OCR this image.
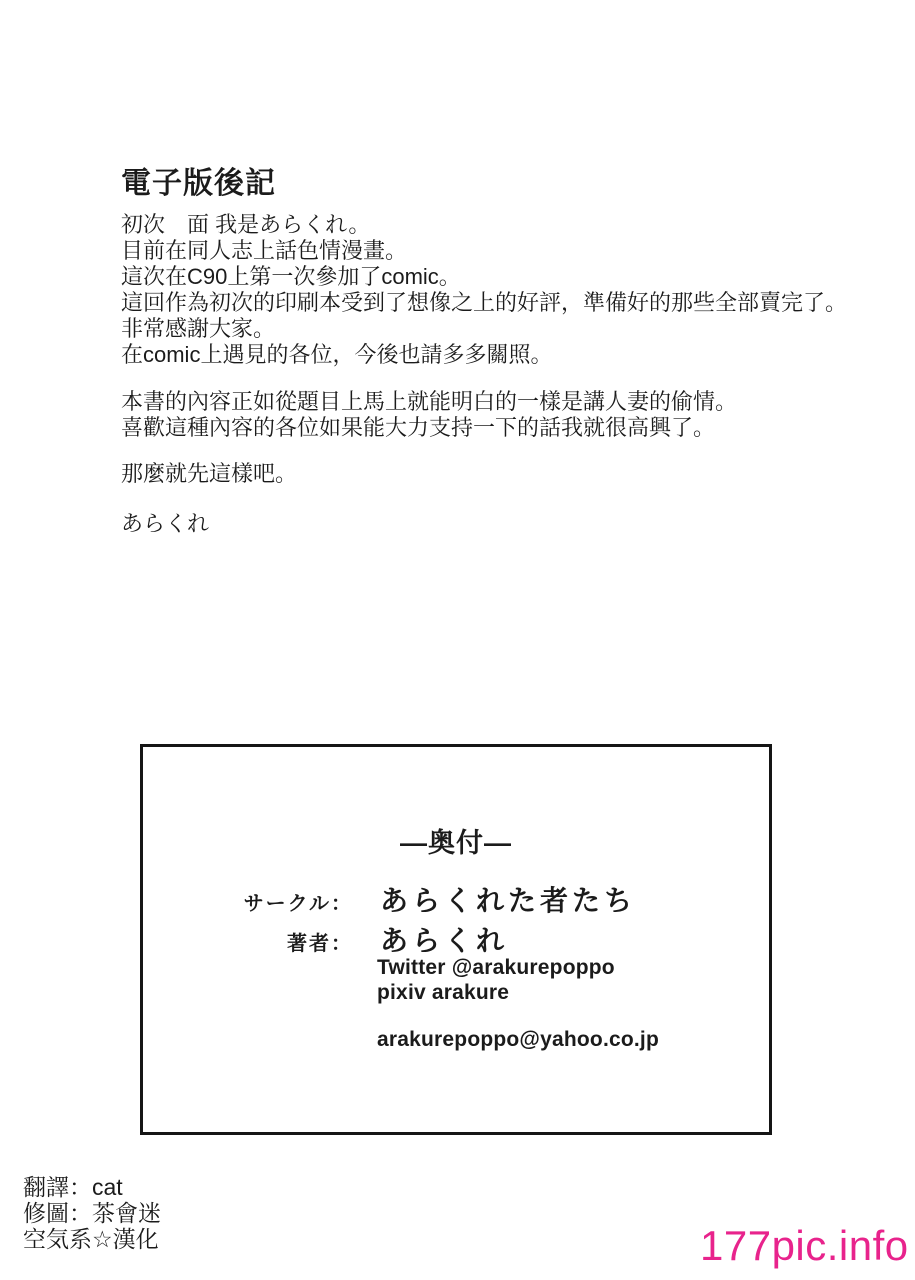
電子版後記
初次　面 我是あらくれ。
目前在同人志上話色情漫畫。
這次在C90上第一次參加了comic。
這回作為初次的印刷本受到了想像之上的好評，準備好的那些全部賣完了。
非常感謝大家。
在comic上遇見的各位，今後也請多多關照。
本書的內容正如從題目上馬上就能明白的一樣是講人妻的偷情。
喜歡這種內容的各位如果能大力支持一下的話我就很高興了。
那麼就先這樣吧。
あらくれ
—奥付—
サークル： あらくれた者たち
著者： あらくれ
Twitter @arakurepoppo
pixiv arakure
arakurepoppo@yahoo.co.jp
翻譯：cat
修圖：茶會迷
空気系☆漢化	177pic.info
